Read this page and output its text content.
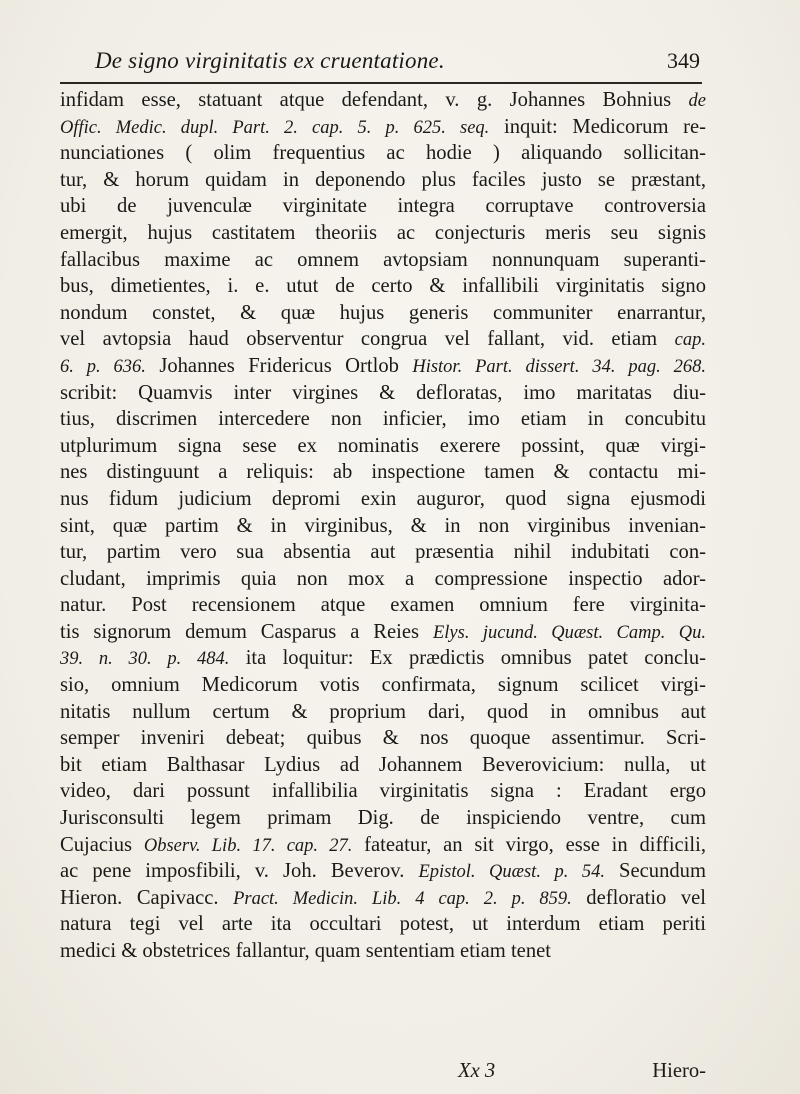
De signo virginitatis ex cruentatione.	349
infidam esse, statuant atque defendant, v. g. Johannes Bohnius de
Offic. Medic. dupl. Part. 2. cap. 5. p. 625. seq. inquit: Medicorum re-
nunciationes ( olim frequentius ac hodie ) aliquando sollicitan-
tur, & horum quidam in deponendo plus faciles justo se præstant,
ubi de juvenculæ virginitate integra corruptave controversia
emergit, hujus castitatem theoriis ac conjecturis meris seu signis
fallacibus maxime ac omnem avtopsiam nonnunquam superanti-
bus, dimetientes, i. e. utut de certo & infallibili virginitatis signo
nondum constet, & quæ hujus generis communiter enarrantur,
vel avtopsia haud observentur congrua vel fallant, vid. etiam cap.
6. p. 636. Johannes Fridericus Ortlob Histor. Part. dissert. 34. pag. 268.
scribit: Quamvis inter virgines & defloratas, imo maritatas diu-
tius, discrimen intercedere non inficier, imo etiam in concubitu
utplurimum signa sese ex nominatis exerere possint, quæ virgi-
nes distinguunt a reliquis: ab inspectione tamen & contactu mi-
nus fidum judicium depromi exin auguror, quod signa ejusmodi
sint, quæ partim & in virginibus, & in non virginibus invenian-
tur, partim vero sua absentia aut præsentia nihil indubitati con-
cludant, imprimis quia non mox a compressione inspectio ador-
natur. Post recensionem atque examen omnium fere virginita-
tis signorum demum Casparus a Reies Elys. jucund. Quæst. Camp. Qu.
39. n. 30. p. 484. ita loquitur: Ex prædictis omnibus patet conclu-
sio, omnium Medicorum votis confirmata, signum scilicet virgi-
nitatis nullum certum & proprium dari, quod in omnibus aut
semper inveniri debeat; quibus & nos quoque assentimur. Scri-
bit etiam Balthasar Lydius ad Johannem Beverovicium: nulla, ut
video, dari possunt infallibilia virginitatis signa : Eradant ergo
Jurisconsulti legem primam Dig. de inspiciendo ventre, cum
Cujacius Observ. Lib. 17. cap. 27. fateatur, an sit virgo, esse in difficili,
ac pene imposfibili, v. Joh. Beverov. Epistol. Quæst. p. 54. Secundum
Hieron. Capivacc. Pract. Medicin. Lib. 4 cap. 2. p. 859. defloratio vel
natura tegi vel arte ita occultari potest, ut interdum etiam periti
medici & obstetrices fallantur, quam sententiam etiam tenet
Xx 3	Hiero-
